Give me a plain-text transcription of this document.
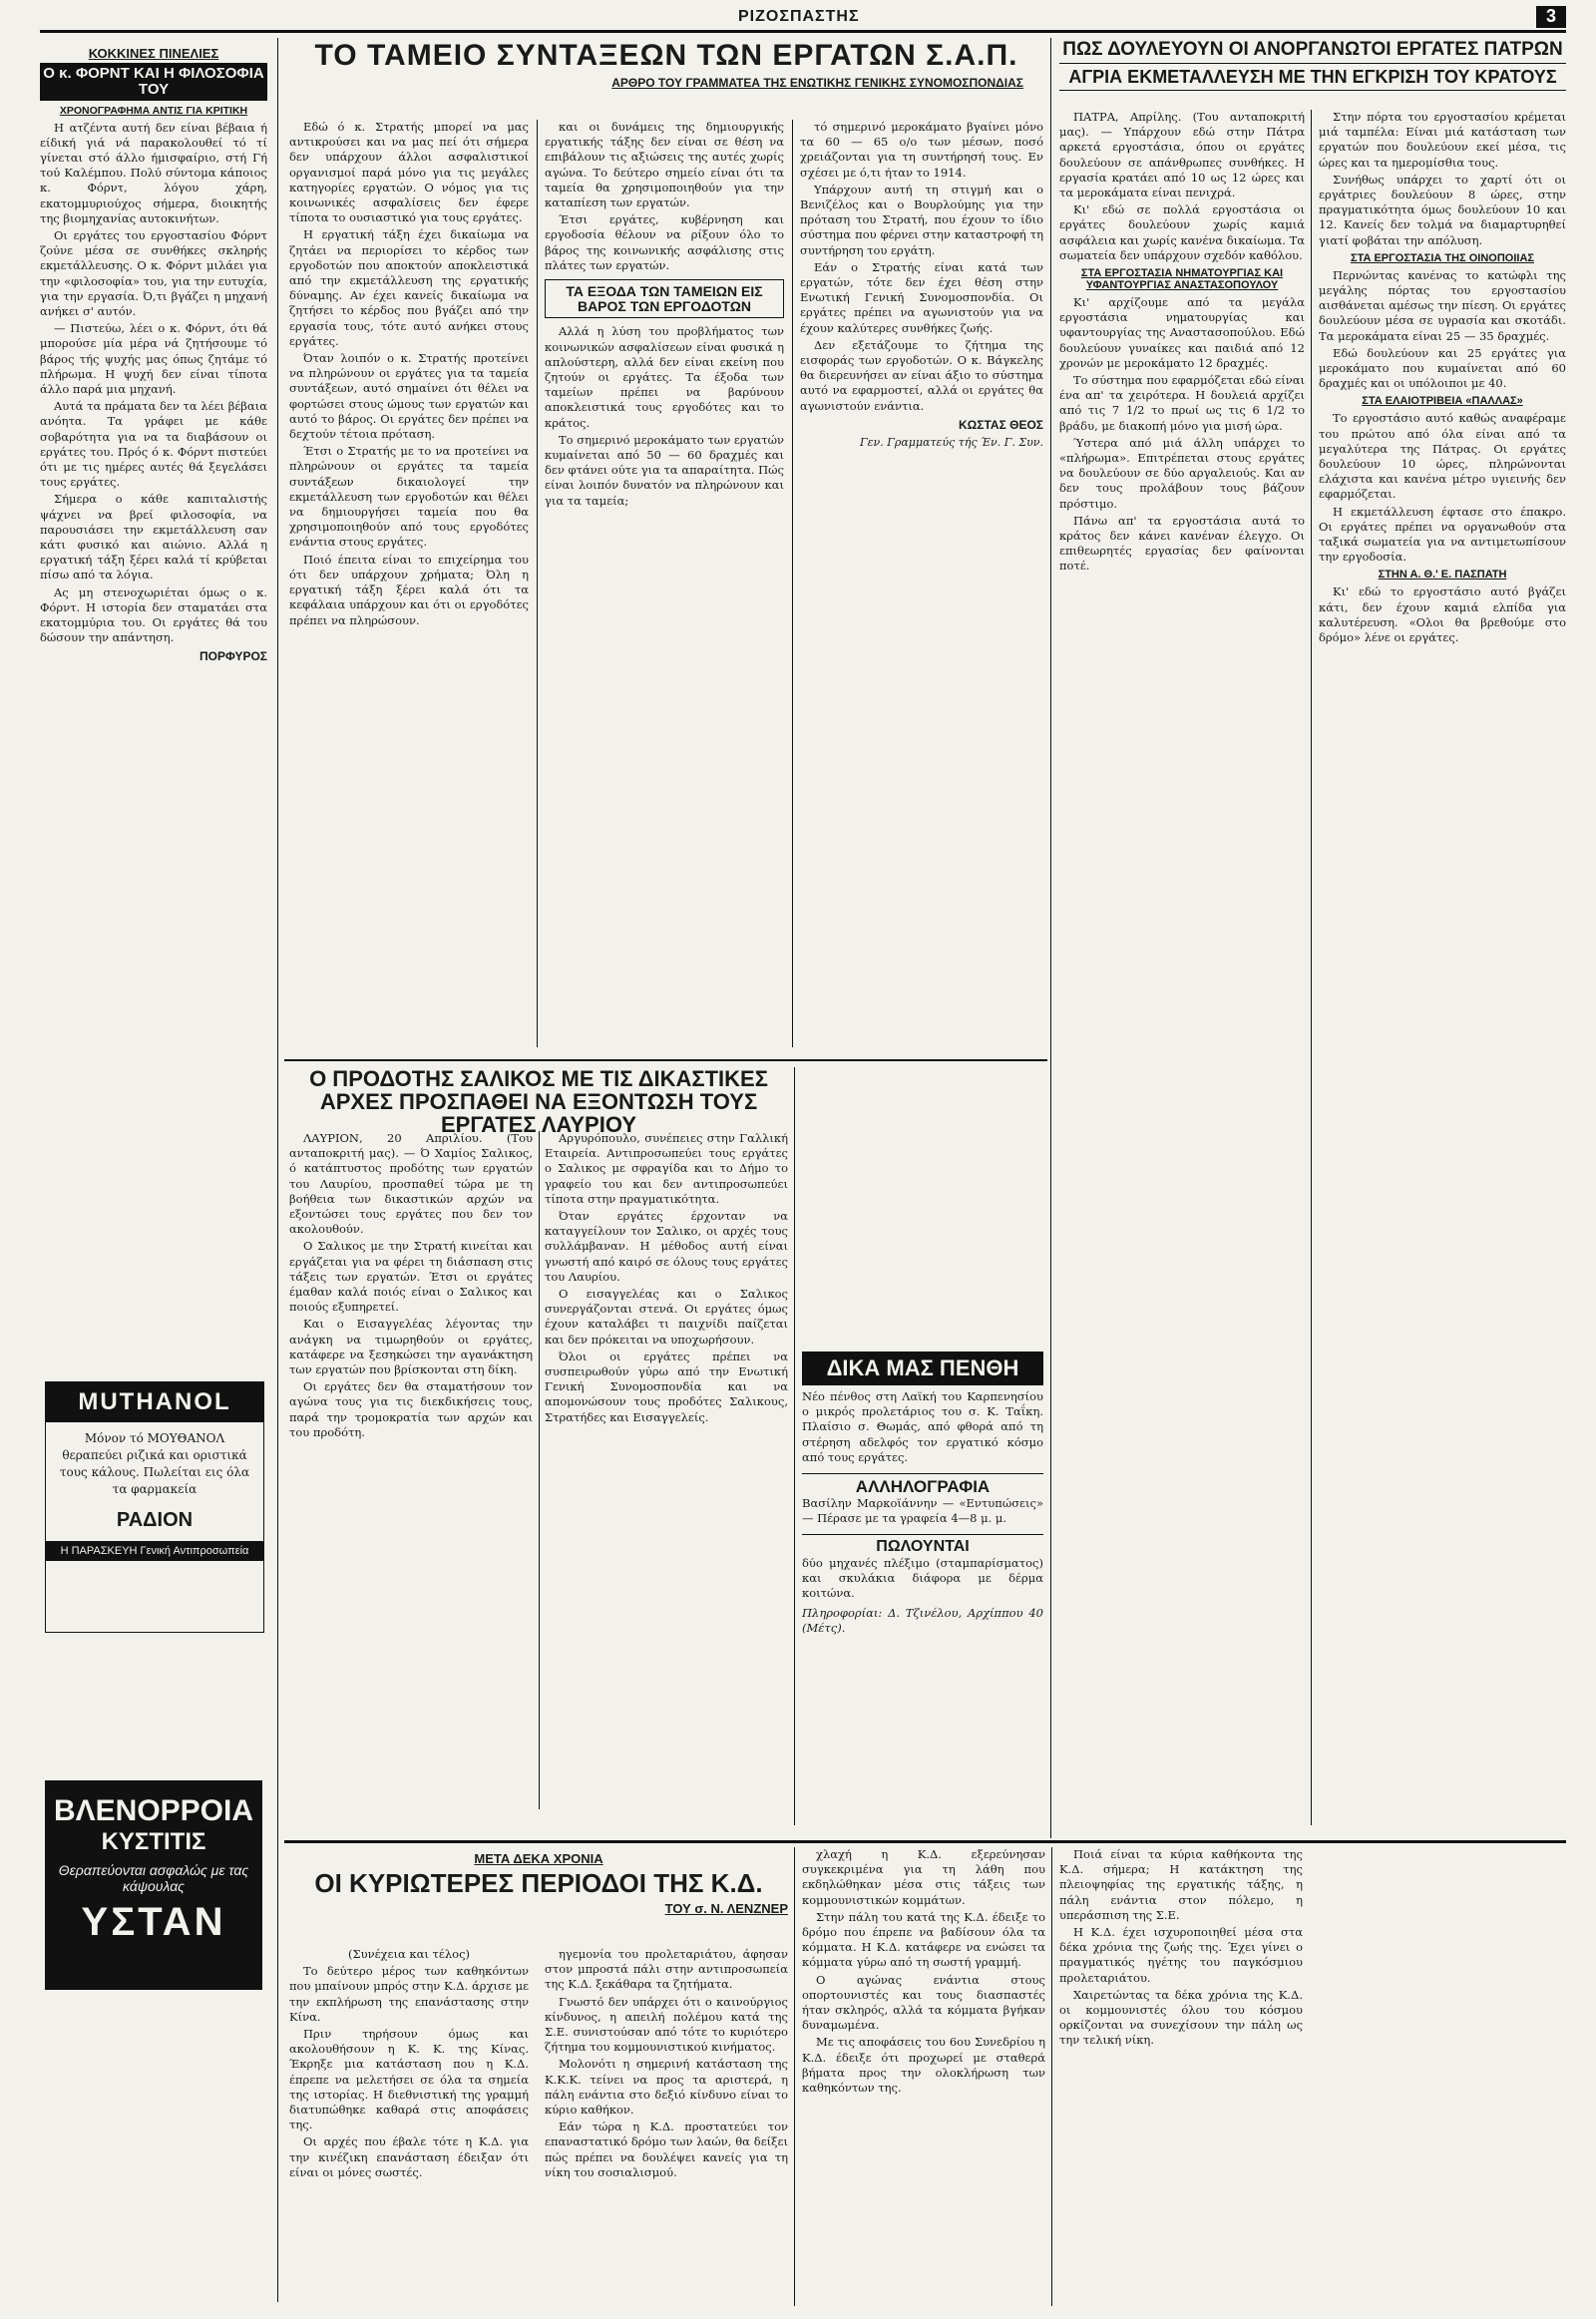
ΡΙΖΟΣΠΑΣΤΗΣ	3
ΚΟΚΚΙΝΕΣ ΠΙΝΕΛΙΕΣ
Ο κ. ΦΟΡΝΤ ΚΑΙ Η ΦΙΛΟΣΟΦΙΑ ΤΟΥ
ΧΡΟΝΟΓΡΑΦΗΜΑ ΑΝΤΙΣ ΓΙΑ ΚΡΙΤΙΚΗ

Η ατζέντα αυτή δεν είναι βέβαια ή είδική γιά νά παρακολουθεί τό τί γίνεται στό άλλο ήμισφαίριο, στή Γή τού Καλέμπου. Πολύ σύντομα κάποιος κ. Φόρντ, λόγου χάρη, εκατομμυριούχος σήμερα, διοικητής της βιομηχανίας αυτοκινήτων.

Οι εργάτες του εργοστασίου Φόρντ ζούνε μέσα σε συνθήκες σκληρής εκμετάλλευσης. Ο κ. Φόρντ μιλάει για την «φιλοσοφία» του, για την ευτυχία, για την εργασία. Ό,τι βγάζει η μηχανή ανήκει σ' αυτόν.

— Πιστεύω, λέει ο κ. Φόρντ, ότι θά μπορούσε μία μέρα νά ζητήσουμε τό βάρος τής ψυχής μας όπως ζητάμε τό πλήρωμα. Η ψυχή δεν είναι τίποτα άλλο παρά μια μηχανή.

Αυτά τα πράματα δεν τα λέει βέβαια ανόητα. Τα γράφει με κάθε σοβαρότητα για να τα διαβάσουν οι εργάτες του. Πρός ό κ. Φόρντ πιστεύει ότι με τις ημέρες αυτές θά ξεγελάσει τους εργάτες.

Σήμερα ο κάθε καπιταλιστής ψάχνει να βρεί φιλοσοφία, να παρουσιάσει την εκμετάλλευση σαν κάτι φυσικό και αιώνιο. Αλλά η εργατική τάξη ξέρει καλά τί κρύβεται πίσω από τα λόγια.

Ας μη στενοχωριέται όμως ο κ. Φόρντ. Η ιστορία δεν σταματάει στα εκατομμύρια του. Οι εργάτες θά του δώσουν την απάντηση.

ΠΟΡΦΥΡΟΣ
MUTHANOL
Μόνον τό ΜΟΥΘΑΝΟΛ θεραπεύει ριζικά και οριστικά τους κάλους. Πωλείται εις όλα τα φαρμακεία
ΡΑΔΙΟΝ
Η ΠΑΡΑΣΚΕΥΗ Γενική Αντιπροσωπεία
ΒΛΕΝΟΡΡΟΙΑ
ΚΥΣΤΙΤΙΣ
Θεραπεύονται ασφαλώς με τας κάψουλας
ΥΣΤΑΝ
ΤΟ ΤΑΜΕΙΟ ΣΥΝΤΑΞΕΩΝ ΤΩΝ ΕΡΓΑΤΩΝ Σ.Α.Π.
ΑΡΘΡΟ ΤΟΥ ΓΡΑΜΜΑΤΕΑ ΤΗΣ ΕΝΩΤΙΚΗΣ ΓΕΝΙΚΗΣ ΣΥΝΟΜΟΣΠΟΝΔΙΑΣ

Εδώ ό κ. Στρατής μπορεί να μας αντικρούσει και να μας πεί ότι σήμερα δεν υπάρχουν άλλοι ασφαλιστικοί οργανισμοί παρά μόνο για τις μεγάλες κατηγορίες εργατών. Ο νόμος για τις κοινωνικές ασφαλίσεις δεν έφερε τίποτα το ουσιαστικό για τους εργάτες.

Η εργατική τάξη έχει δικαίωμα να ζητάει να περιορίσει το κέρδος των εργοδοτών που αποκτούν αποκλειστικά από την εκμετάλλευση της εργατικής δύναμης. Αν έχει κανείς δικαίωμα να ζητήσει το κέρδος που βγάζει από την εργασία τους, τότε αυτό ανήκει στους εργάτες.

Όταν λοιπόν ο κ. Στρατής προτείνει να πληρώνουν οι εργάτες για τα ταμεία συντάξεων, αυτό σημαίνει ότι θέλει να φορτώσει στους ώμους των εργατών και αυτό το βάρος. Οι εργάτες δεν πρέπει να δεχτούν τέτοια πρόταση.

Έτσι ο Στρατής με το να προτείνει να πληρώνουν οι εργάτες τα ταμεία συντάξεων δικαιολογεί την εκμετάλλευση των εργοδοτών και θέλει να δημιουργήσει ταμεία που θα χρησιμοποιηθούν από τους εργοδότες ενάντια στους εργάτες.

Ποιό έπειτα είναι το επιχείρημα του ότι δεν υπάρχουν χρήματα; Όλη η εργατική τάξη ξέρει καλά ότι τα κεφάλαια υπάρχουν και ότι οι εργοδότες πρέπει να πληρώσουν.

και οι δυνάμεις της δημιουργικής εργατικής τάξης δεν είναι σε θέση να επιβάλουν τις αξιώσεις της αυτές χωρίς αγώνα. Το δεύτερο σημείο είναι ότι τα ταμεία θα χρησιμοποιηθούν για την καταπίεση των εργατών.

Έτσι εργάτες, κυβέρνηση και εργοδοσία θέλουν να ρίξουν όλο το βάρος της κοινωνικής ασφάλισης στις πλάτες των εργατών.

ΤΑ ΕΞΟΔΑ ΤΩΝ ΤΑΜΕΙΩΝ ΕΙΣ ΒΑΡΟΣ ΤΩΝ ΕΡΓΟΔΟΤΩΝ

Αλλά η λύση του προβλήματος των κοινωνικών ασφαλίσεων είναι φυσικά η απλούστερη, αλλά δεν είναι εκείνη που ζητούν οι εργάτες. Τα έξοδα των ταμείων πρέπει να βαρύνουν αποκλειστικά τους εργοδότες και το κράτος.

Το σημερινό μεροκάματο των εργατών κυμαίνεται από 50 — 60 δραχμές και δεν φτάνει ούτε για τα απαραίτητα. Πώς είναι λοιπόν δυνατόν να πληρώνουν και για τα ταμεία;

τό σημερινό μεροκάματο βγαίνει μόνο τα 60 — 65 ο/ο των μέσων, ποσό χρειάζονται για τη συντήρησή τους. Εν σχέσει με ό,τι ήταν το 1914.

Υπάρχουν αυτή τη στιγμή και ο Βενιζέλος και ο Βουρλούμης για την πρόταση του Στρατή, που έχουν το ίδιο σύστημα που φέρνει στην καταστροφή τη συντήρηση του εργάτη.

Εάν ο Στρατής είναι κατά των εργατών, τότε δεν έχει θέση στην Ενωτική Γενική Συνομοσπονδία. Οι εργάτες πρέπει να αγωνιστούν για να έχουν καλύτερες συνθήκες ζωής.

Δεν εξετάζουμε το ζήτημα της εισφοράς των εργοδοτών. Ο κ. Βάγκελης θα διερευνήσει αν είναι άξιο το σύστημα αυτό να εφαρμοστεί, αλλά οι εργάτες θα αγωνιστούν ενάντια.

ΚΩΣΤΑΣ ΘΕΟΣ
Γεν. Γραμματεύς τής Έν. Γ. Συν.
ΠΩΣ ΔΟΥΛΕΥΟΥΝ ΟΙ ΑΝΟΡΓΑΝΩΤΟΙ ΕΡΓΑΤΕΣ ΠΑΤΡΩΝ
ΑΓΡΙΑ ΕΚΜΕΤΑΛΛΕΥΣΗ ΜΕ ΤΗΝ ΕΓΚΡΙΣΗ ΤΟΥ ΚΡΑΤΟΥΣ

ΠΑΤΡΑ, Απρίλης. (Του ανταποκριτή μας). — Υπάρχουν εδώ στην Πάτρα αρκετά εργοστάσια, όπου οι εργάτες δουλεύουν σε απάνθρωπες συνθήκες. Η εργασία κρατάει από 10 ως 12 ώρες και τα μεροκάματα είναι πενιχρά.

Κι' εδώ σε πολλά εργοστάσια οι εργάτες δουλεύουν χωρίς καμιά ασφάλεια και χωρίς κανένα δικαίωμα. Τα σωματεία δεν υπάρχουν σχεδόν καθόλου.

ΣΤΑ ΕΡΓΟΣΤΑΣΙΑ ΝΗΜΑΤΟΥΡΓΙΑΣ ΚΑΙ ΥΦΑΝΤΟΥΡΓΙΑΣ ΑΝΑΣΤΑΣΟΠΟΥΛΟΥ

Κι' αρχίζουμε από τα μεγάλα εργοστάσια νηματουργίας και υφαντουργίας της Αναστασοπούλου. Εδώ δουλεύουν γυναίκες και παιδιά από 12 χρονών με μεροκάματο 12 δραχμές.

Το σύστημα που εφαρμόζεται εδώ είναι ένα απ' τα χειρότερα. Η δουλειά αρχίζει από τις 7 1/2 το πρωί ως τις 6 1/2 το βράδυ, με διακοπή μόνο για μισή ώρα.

Ύστερα από μιά άλλη υπάρχει το «πλήρωμα». Επιτρέπεται στους εργάτες να δουλεύουν σε δύο αργαλειούς. Και αν δεν τους προλάβουν τους βάζουν πρόστιμο.

Πάνω απ' τα εργοστάσια αυτά το κράτος δεν κάνει κανέναν έλεγχο. Οι επιθεωρητές εργασίας δεν φαίνονται ποτέ.

Στην πόρτα του εργοστασίου κρέμεται μιά ταμπέλα: Είναι μιά κατάσταση των εργατών που δουλεύουν εκεί μέσα, τις ώρες και τα ημερομίσθια τους.

Συνήθως υπάρχει το χαρτί ότι οι εργάτριες δουλεύουν 8 ώρες, στην πραγματικότητα όμως δουλεύουν 10 και 12. Κανείς δεν τολμά να διαμαρτυρηθεί γιατί φοβάται την απόλυση.

ΣΤΑ ΕΡΓΟΣΤΑΣΙΑ ΤΗΣ ΟΙΝΟΠΟΙΙΑΣ

Περνώντας κανένας το κατώφλι της μεγάλης πόρτας του εργοστασίου αισθάνεται αμέσως την πίεση. Οι εργάτες δουλεύουν μέσα σε υγρασία και σκοτάδι. Τα μεροκάματα είναι 25 — 35 δραχμές.

Εδώ δουλεύουν και 25 εργάτες για μεροκάματο που κυμαίνεται από 60 δραχμές και οι υπόλοιποι με 40.

ΣΤΑ ΕΛΑΙΟΤΡΙΒΕΙΑ «ΠΑΛΛΑΣ»

Το εργοστάσιο αυτό καθώς αναφέραμε του πρώτου από όλα είναι από τα μεγαλύτερα της Πάτρας. Οι εργάτες δουλεύουν 10 ώρες, πληρώνονται ελάχιστα και κανένα μέτρο υγιεινής δεν εφαρμόζεται.

Η εκμετάλλευση έφτασε στο έπακρο. Οι εργάτες πρέπει να οργανωθούν στα ταξικά σωματεία για να αντιμετωπίσουν την εργοδοσία.

ΣΤΗΝ Α. Θ.' Ε. ΠΑΣΠΑΤΗ

Κι' εδώ το εργοστάσιο αυτό βγάζει κάτι, δεν έχουν καμιά ελπίδα για καλυτέρευση. «Ολοι θα βρεθούμε στο δρόμο» λένε οι εργάτες.

Ο ΠΡΟΔΟΤΗΣ ΣΑΛΙΚΟΣ ΜΕ ΤΙΣ ΔΙΚΑΣΤΙΚΕΣ ΑΡΧΕΣ ΠΡΟΣΠΑΘΕΙ ΝΑ ΕΞΟΝΤΩΣΗ ΤΟΥΣ ΕΡΓΑΤΕΣ ΛΑΥΡΙΟΥ

ΛΑΥΡΙΟΝ, 20 Απριλίου. (Του ανταποκριτή μας). — Ό Χαμίος Σαλικος, ό κατάπτυστος προδότης των εργατών του Λαυρίου, προσπαθεί τώρα με τη βοήθεια των δικαστικών αρχών να εξοντώσει τους εργάτες που δεν τον ακολουθούν.

Ο Σαλικος με την Στρατή κινείται και εργάζεται για να φέρει τη διάσπαση στις τάξεις των εργατών. Έτσι οι εργάτες έμαθαν καλά ποιός είναι ο Σαλικος και ποιούς εξυπηρετεί.

Και ο Εισαγγελέας λέγοντας την ανάγκη να τιμωρηθούν οι εργάτες, κατάφερε να ξεσηκώσει την αγανάκτηση των εργατών που βρίσκονται στη δίκη.

Οι εργάτες δεν θα σταματήσουν τον αγώνα τους για τις διεκδικήσεις τους, παρά την τρομοκρατία των αρχών και του προδότη.

Αργυρόπουλο, συνέπειες στην Γαλλική Εταιρεία. Αντιπροσωπεύει τους εργάτες ο Σαλικος με σφραγίδα και το Δήμο το γραφείο του και δεν αντιπροσωπεύει τίποτα στην πραγματικότητα.

Όταν εργάτες έρχονταν να καταγγείλουν τον Σαλικο, οι αρχές τους συλλάμβαναν. Η μέθοδος αυτή είναι γνωστή από καιρό σε όλους τους εργάτες του Λαυρίου.

Ο εισαγγελέας και ο Σαλικος συνεργάζονται στενά. Οι εργάτες όμως έχουν καταλάβει τι παιχνίδι παίζεται και δεν πρόκειται να υποχωρήσουν.

Όλοι οι εργάτες πρέπει να συσπειρωθούν γύρω από την Ενωτική Γενική Συνομοσπονδία και να απομονώσουν τους προδότες Σαλικους, Στρατήδες και Εισαγγελείς.

ΔΙΚΑ ΜΑΣ ΠΕΝΘΗ
Νέο πένθος στη Λαϊκή του Καρπενησίου ο μικρός προλετάριος του σ. Κ. Ταΐκη. Πλαίσιο σ. Θωμάς, από φθορά από τη στέρηση αδελφός τον εργατικό κόσμο από τους εργάτες.
ΑΛΛΗΛΟΓΡΑΦΙΑ
Βασίλην Μαρκοϊάννην — «Εντυπώσεις» — Πέρασε με τα γραφεία 4—8 μ. μ.
ΠΩΛΟΥΝΤΑΙ
δύο μηχανές πλέξιμο (σταμπαρίσματος) και σκυλάκια διάφορα με δέρμα κοιτώνα.
Πληροφορίαι: Δ. Τζινέλου, Αρχίππου 40 (Μέτς).
ΜΕΤΑ ΔΕΚΑ ΧΡΟΝΙΑ
ΟΙ ΚΥΡΙΩΤΕΡΕΣ ΠΕΡΙΟΔΟΙ ΤΗΣ Κ.Δ.
ΤΟΥ σ. Ν. ΛΕΝΖΝΕΡ

(Συνέχεια και τέλος)

Το δεύτερο μέρος των καθηκόντων που μπαίνουν μπρός στην Κ.Δ. άρχισε με την εκπλήρωση της επανάστασης στην Κίνα.

Πριν τηρήσουν όμως και ακολουθήσουν η Κ. Κ. της Κίνας. Έκρηξε μια κατάσταση που η Κ.Δ. έπρεπε να μελετήσει σε όλα τα σημεία της ιστορίας. Η διεθνιστική της γραμμή διατυπώθηκε καθαρά στις αποφάσεις της.

Οι αρχές που έβαλε τότε η Κ.Δ. για την κινέζικη επανάσταση έδειξαν ότι είναι οι μόνες σωστές.

ηγεμονία του προλεταριάτου, άφησαν στον μπροστά πάλι στην αντιπροσωπεία της Κ.Δ. ξεκάθαρα τα ζητήματα.

Γνωστό δεν υπάρχει ότι ο καινούργιος κίνδυνος, η απειλή πολέμου κατά της Σ.Ε. συνιστούσαν από τότε το κυριότερο ζήτημα του κομμουνιστικού κινήματος.

Μολονότι η σημερινή κατάσταση της Κ.Κ.Κ. τείνει να προς τα αριστερά, η πάλη ενάντια στο δεξιό κίνδυνο είναι το κύριο καθήκον.

Εάν τώρα η Κ.Δ. προστατεύει τον επαναστατικό δρόμο των λαών, θα δείξει πώς πρέπει να δουλέψει κανείς για τη νίκη του σοσιαλισμού.

χλαχή η Κ.Δ. εξερεύνησαν συγκεκριμένα για τη λάθη που εκδηλώθηκαν μέσα στις τάξεις των κομμουνιστικών κομμάτων.

Στην πάλη του κατά της Κ.Δ. έδειξε το δρόμο που έπρεπε να βαδίσουν όλα τα κόμματα. Η Κ.Δ. κατάφερε να ενώσει τα κόμματα γύρω από τη σωστή γραμμή.

Ο αγώνας ενάντια στους οπορτουνιστές και τους διασπαστές ήταν σκληρός, αλλά τα κόμματα βγήκαν δυναμωμένα.

Με τις αποφάσεις του 6ου Συνεδρίου η Κ.Δ. έδειξε ότι προχωρεί με σταθερά βήματα προς την ολοκλήρωση των καθηκόντων της.

Ποιά είναι τα κύρια καθήκοντα της Κ.Δ. σήμερα; Η κατάκτηση της πλειοψηφίας της εργατικής τάξης, η πάλη ενάντια στον πόλεμο, η υπεράσπιση της Σ.Ε.

Η Κ.Δ. έχει ισχυροποιηθεί μέσα στα δέκα χρόνια της ζωής της. Έχει γίνει ο πραγματικός ηγέτης του παγκόσμιου προλεταριάτου.

Χαιρετώντας τα δέκα χρόνια της Κ.Δ. οι κομμουνιστές όλου του κόσμου ορκίζονται να συνεχίσουν την πάλη ως την τελική νίκη.
